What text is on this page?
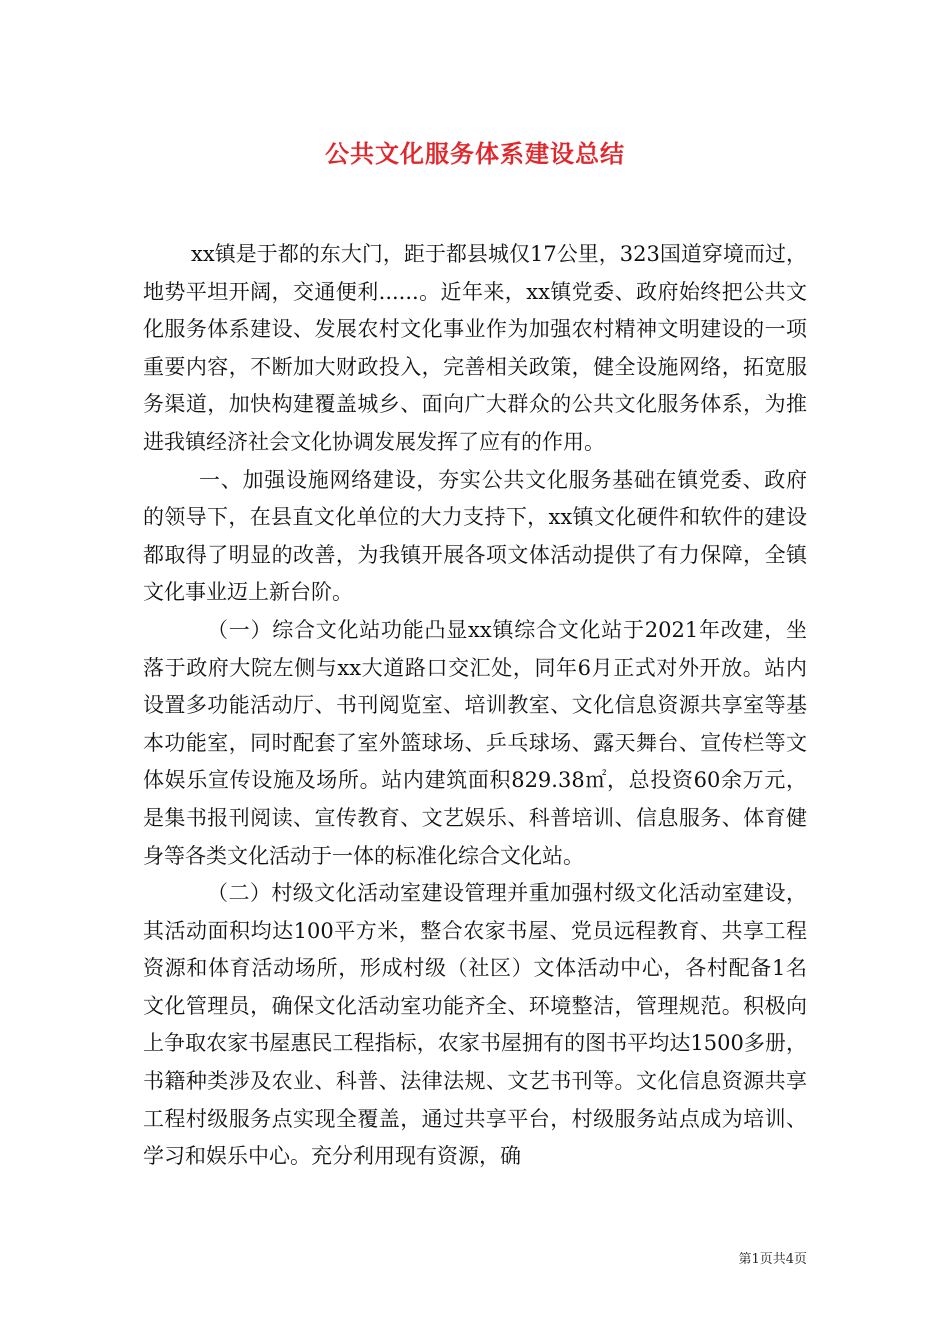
公共文化服务体系建设总结

xx镇是于都的东大门，距于都县城仅17公里，323国道穿境而过，地势平坦开阔，交通便利......。近年来，xx镇党委、政府始终把公共文化服务体系建设、发展农村文化事业作为加强农村精神文明建设的一项重要内容，不断加大财政投入，完善相关政策，健全设施网络，拓宽服务渠道，加快构建覆盖城乡、面向广大群众的公共文化服务体系，为推进我镇经济社会文化协调发展发挥了应有的作用。

一、加强设施网络建设，夯实公共文化服务基础在镇党委、政府的领导下，在县直文化单位的大力支持下，xx镇文化硬件和软件的建设都取得了明显的改善，为我镇开展各项文体活动提供了有力保障，全镇文化事业迈上新台阶。

（一）综合文化站功能凸显xx镇综合文化站于2021年改建，坐落于政府大院左侧与xx大道路口交汇处，同年6月正式对外开放。站内设置多功能活动厅、书刊阅览室、培训教室、文化信息资源共享室等基本功能室，同时配套了室外篮球场、乒乓球场、露天舞台、宣传栏等文体娱乐宣传设施及场所。站内建筑面积829.38㎡，总投资60余万元，是集书报刊阅读、宣传教育、文艺娱乐、科普培训、信息服务、体育健身等各类文化活动于一体的标准化综合文化站。

（二）村级文化活动室建设管理并重加强村级文化活动室建设，其活动面积均达100平方米，整合农家书屋、党员远程教育、共享工程资源和体育活动场所，形成村级（社区）文体活动中心，各村配备1名文化管理员，确保文化活动室功能齐全、环境整洁，管理规范。积极向上争取农家书屋惠民工程指标，农家书屋拥有的图书平均达1500多册，书籍种类涉及农业、科普、法律法规、文艺书刊等。文化信息资源共享工程村级服务点实现全覆盖，通过共享平台，村级服务站点成为培训、学习和娱乐中心。充分利用现有资源，确

第1页共4页
